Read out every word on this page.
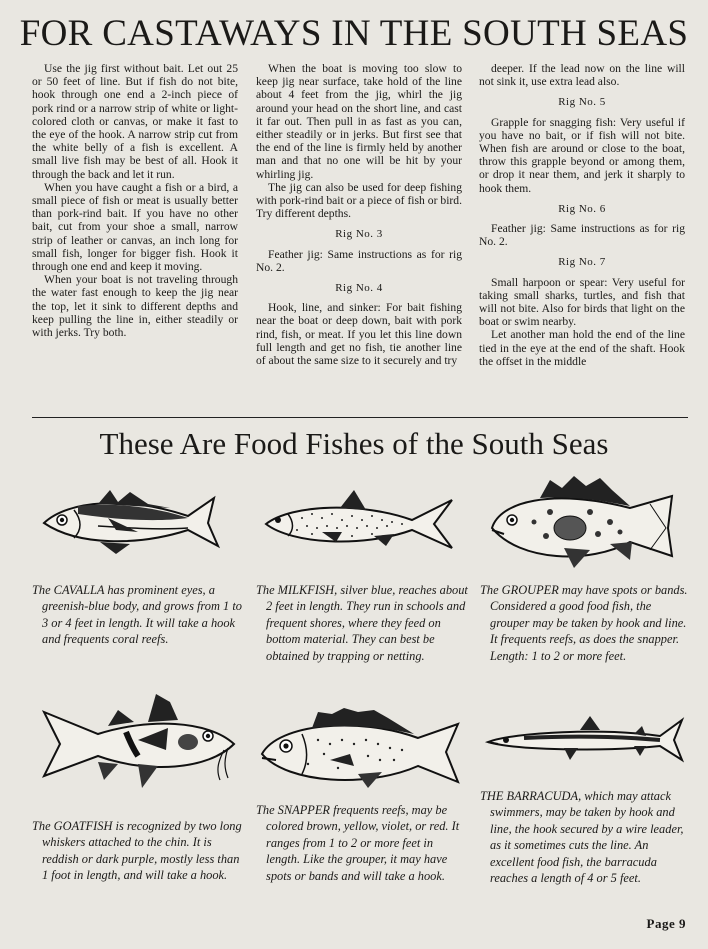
FOR CASTAWAYS IN THE SOUTH SEAS

Use the jig first without bait. Let out 25 or 50 feet of line. But if fish do not bite, hook through one end a 2-inch piece of pork rind or a narrow strip of white or light-colored cloth or canvas, or make it fast to the eye of the hook. A narrow strip cut from the white belly of a fish is excellent. A small live fish may be best of all. Hook it through the back and let it run.

When you have caught a fish or a bird, a small piece of fish or meat is usually better than pork-rind bait. If you have no other bait, cut from your shoe a small, narrow strip of leather or canvas, an inch long for small fish, longer for bigger fish. Hook it through one end and keep it moving.

When your boat is not traveling through the water fast enough to keep the jig near the top, let it sink to different depths and keep pulling the line in, either steadily or with jerks. Try both.

When the boat is moving too slow to keep jig near surface, take hold of the line about 4 feet from the jig, whirl the jig around your head on the short line, and cast it far out. Then pull in as fast as you can, either steadily or in jerks. But first see that the end of the line is firmly held by another man and that no one will be hit by your whirling jig.

The jig can also be used for deep fishing with pork-rind bait or a piece of fish or bird. Try different depths.

Rig No. 3

Feather jig: Same instructions as for rig No. 2.

Rig No. 4

Hook, line, and sinker: For bait fishing near the boat or deep down, bait with pork rind, fish, or meat. If you let this line down full length and get no fish, tie another line of about the same size to it securely and try

deeper. If the lead now on the line will not sink it, use extra lead also.

Rig No. 5

Grapple for snagging fish: Very useful if you have no bait, or if fish will not bite. When fish are around or close to the boat, throw this grapple beyond or among them, or drop it near them, and jerk it sharply to hook them.

Rig No. 6

Feather jig: Same instructions as for rig No. 2.

Rig No. 7

Small harpoon or spear: Very useful for taking small sharks, turtles, and fish that will not bite. Also for birds that light on the boat or swim nearby.

Let another man hold the end of the line tied in the eye at the end of the shaft. Hook the offset in the middle

These Are Food Fishes of the South Seas

The CAVALLA has prominent eyes, a greenish-blue body, and grows from 1 to 3 or 4 feet in length. It will take a hook and frequents coral reefs.

The MILKFISH, silver blue, reaches about 2 feet in length. They run in schools and frequent shores, where they feed on bottom material. They can best be obtained by trapping or netting.

The GROUPER may have spots or bands. Considered a good food fish, the grouper may be taken by hook and line. It frequents reefs, as does the snapper. Length: 1 to 2 or more feet.

The GOATFISH is recognized by two long whiskers attached to the chin. It is reddish or dark purple, mostly less than 1 foot in length, and will take a hook.

The SNAPPER frequents reefs, may be colored brown, yellow, violet, or red. It ranges from 1 to 2 or more feet in length. Like the grouper, it may have spots or bands and will take a hook.

THE BARRACUDA, which may attack swimmers, may be taken by hook and line, the hook secured by a wire leader, as it sometimes cuts the line. An excellent food fish, the barracuda reaches a length of 4 or 5 feet.

Page 9
